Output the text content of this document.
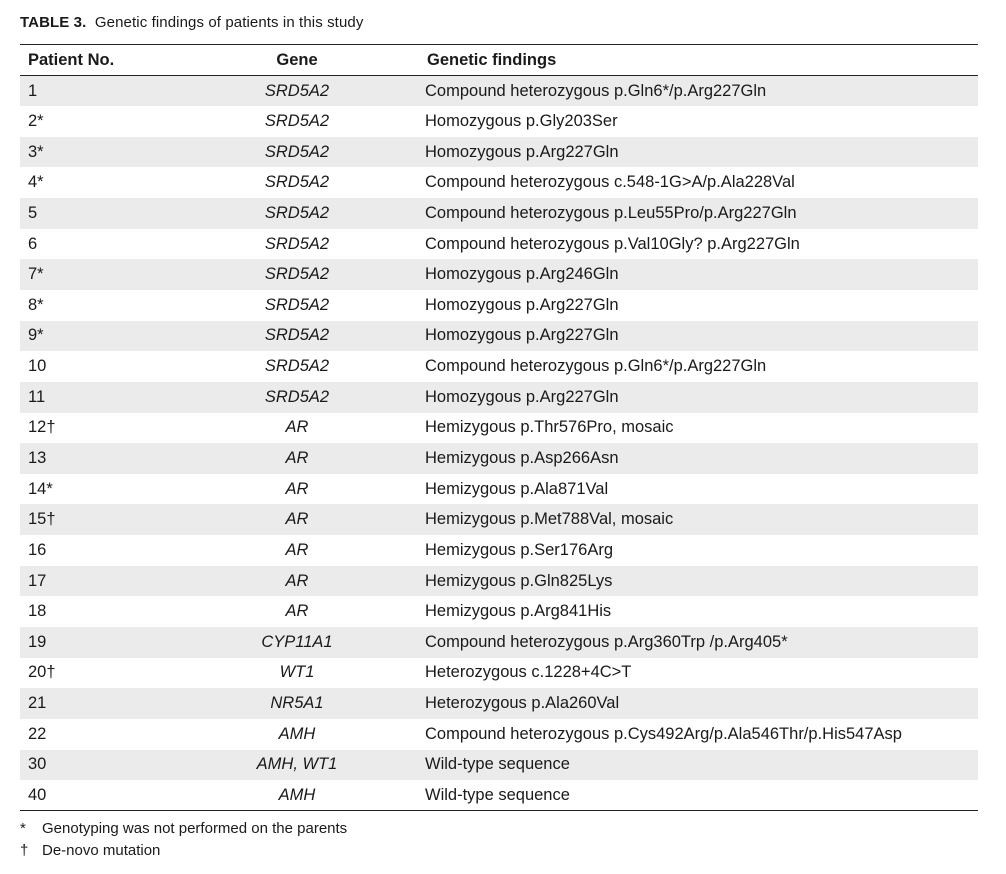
TABLE 3. Genetic findings of patients in this study
Patient No.	Gene	Genetic findings
1	SRD5A2	Compound heterozygous p.Gln6*/p.Arg227Gln
2*	SRD5A2	Homozygous p.Gly203Ser
3*	SRD5A2	Homozygous p.Arg227Gln
4*	SRD5A2	Compound heterozygous c.548-1G>A/p.Ala228Val
5	SRD5A2	Compound heterozygous p.Leu55Pro/p.Arg227Gln
6	SRD5A2	Compound heterozygous p.Val10Gly? p.Arg227Gln
7*	SRD5A2	Homozygous p.Arg246Gln
8*	SRD5A2	Homozygous p.Arg227Gln
9*	SRD5A2	Homozygous p.Arg227Gln
10	SRD5A2	Compound heterozygous p.Gln6*/p.Arg227Gln
11	SRD5A2	Homozygous p.Arg227Gln
12†	AR	Hemizygous p.Thr576Pro, mosaic
13	AR	Hemizygous p.Asp266Asn
14*	AR	Hemizygous p.Ala871Val
15†	AR	Hemizygous p.Met788Val, mosaic
16	AR	Hemizygous p.Ser176Arg
17	AR	Hemizygous p.Gln825Lys
18	AR	Hemizygous p.Arg841His
19	CYP11A1	Compound heterozygous p.Arg360Trp /p.Arg405*
20†	WT1	Heterozygous c.1228+4C>T
21	NR5A1	Heterozygous p.Ala260Val
22	AMH	Compound heterozygous p.Cys492Arg/p.Ala546Thr/p.His547Asp
30	AMH, WT1	Wild-type sequence
40	AMH	Wild-type sequence
*	Genotyping was not performed on the parents
† De-novo mutation
